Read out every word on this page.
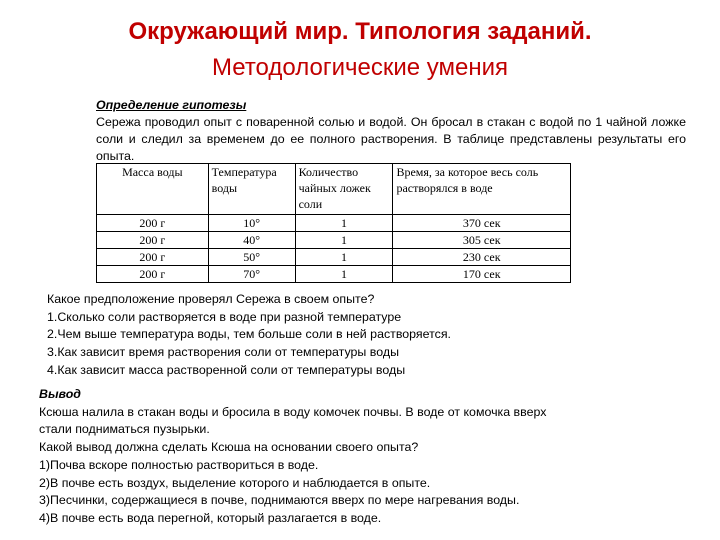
Окружающий мир. Типология заданий.
Методологические умения
Определение гипотезы
Сережа проводил опыт с поваренной солью и водой. Он бросал в стакан с водой по 1 чайной ложке соли и следил за временем до ее полного растворения. В таблице представлены результаты его опыта.
Масса воды	Температура воды	Количество чайных ложек соли	Время, за которое весь соль растворялся в воде
200 г	10°	1	370 сек
200 г	40°	1	305 сек
200 г	50°	1	230 сек
200 г	70°	1	170 сек
Какое предположение проверял Сережа в своем опыте?
1.Сколько соли растворяется в воде при разной температуре
2.Чем выше температура воды, тем больше соли в ней растворяется.
3.Как зависит время растворения соли от температуры воды
4.Как зависит масса растворенной соли от температуры воды
Вывод
Ксюша налила в стакан воды и бросила в воду комочек почвы. В воде от комочка вверх
стали подниматься пузырьки.
Какой вывод должна сделать Ксюша на основании своего опыта?
1)Почва вскоре полностью раствориться в воде.
2)В почве есть воздух, выделение которого и наблюдается в опыте.
3)Песчинки, содержащиеся в почве, поднимаются вверх по мере нагревания воды.
4)В почве есть вода перегной, который разлагается в воде.
